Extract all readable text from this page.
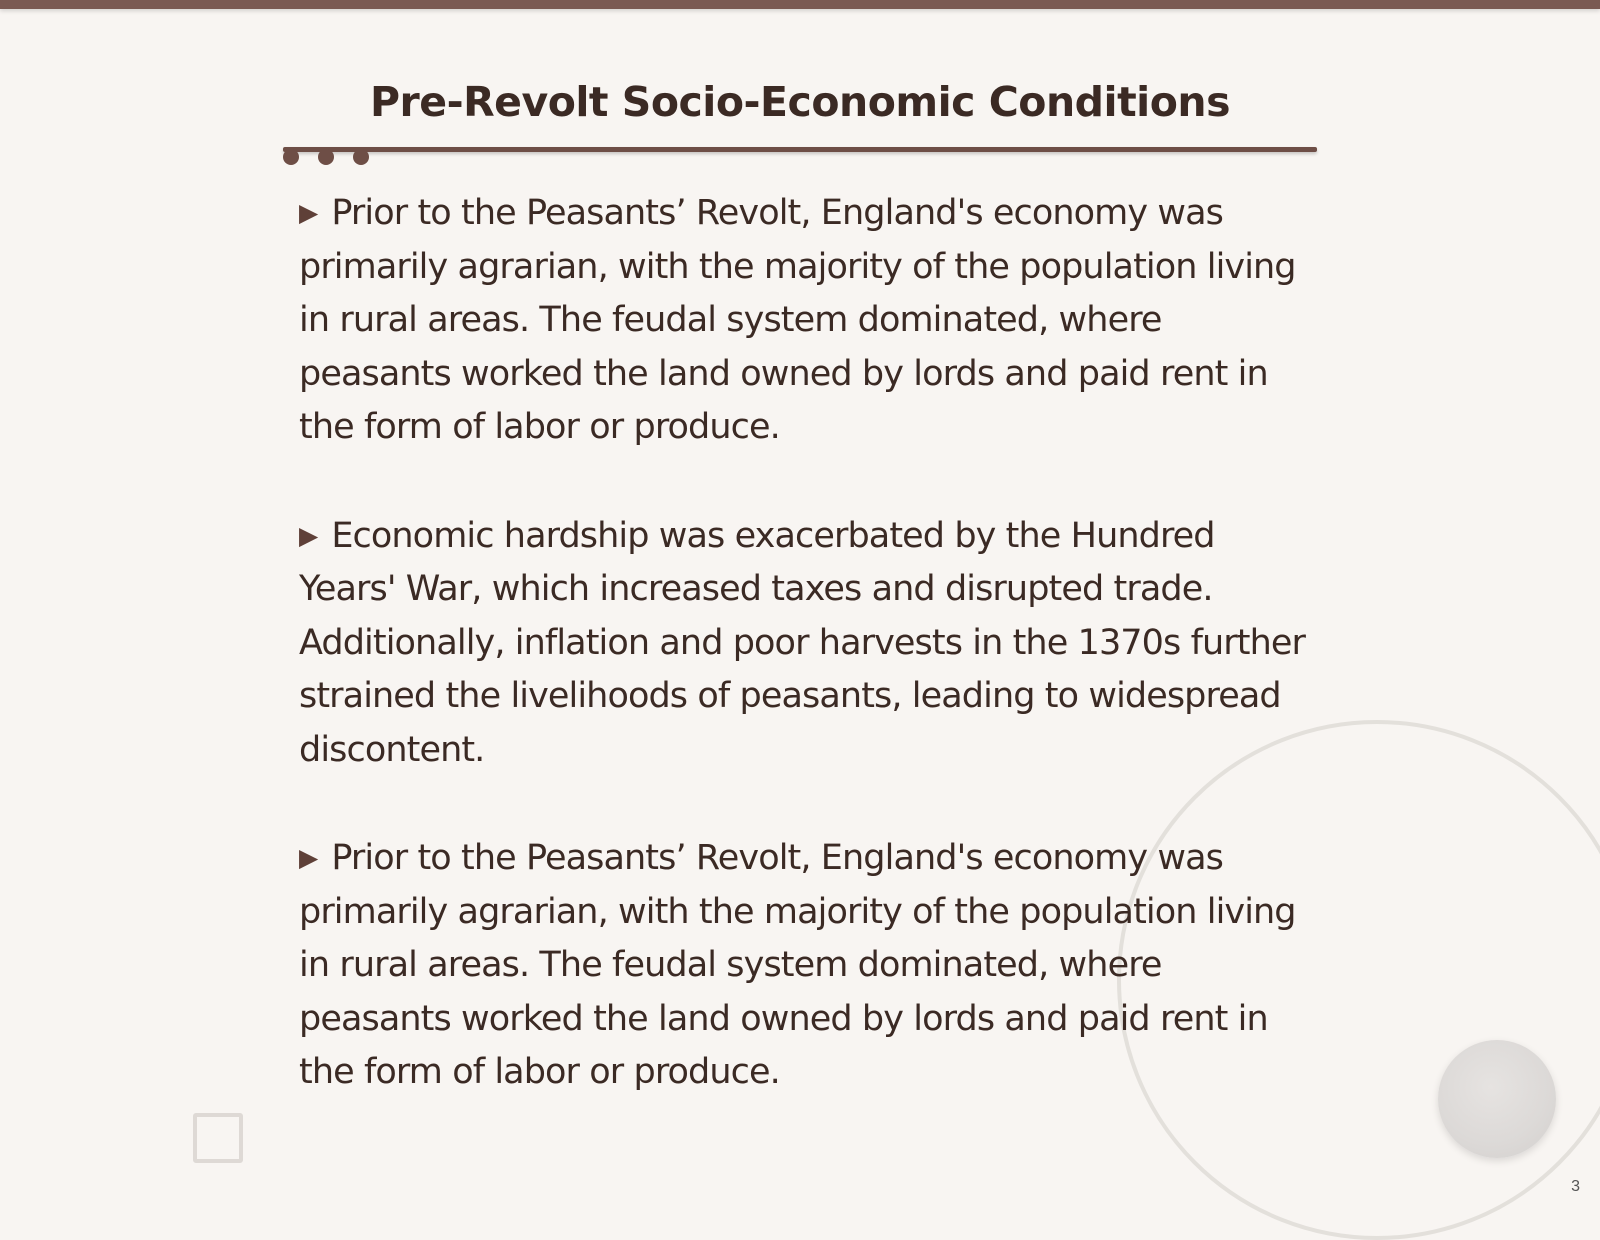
Pre-Revolt Socio-Economic Conditions

▶ Prior to the Peasants’ Revolt, England's economy was primarily agrarian, with the majority of the population living in rural areas. The feudal system dominated, where peasants worked the land owned by lords and paid rent in the form of labor or produce.

▶ Economic hardship was exacerbated by the Hundred Years' War, which increased taxes and disrupted trade. Additionally, inflation and poor harvests in the 1370s further strained the livelihoods of peasants, leading to widespread discontent.

▶ Prior to the Peasants’ Revolt, England's economy was primarily agrarian, with the majority of the population living in rural areas. The feudal system dominated, where peasants worked the land owned by lords and paid rent in the form of labor or produce.

3
